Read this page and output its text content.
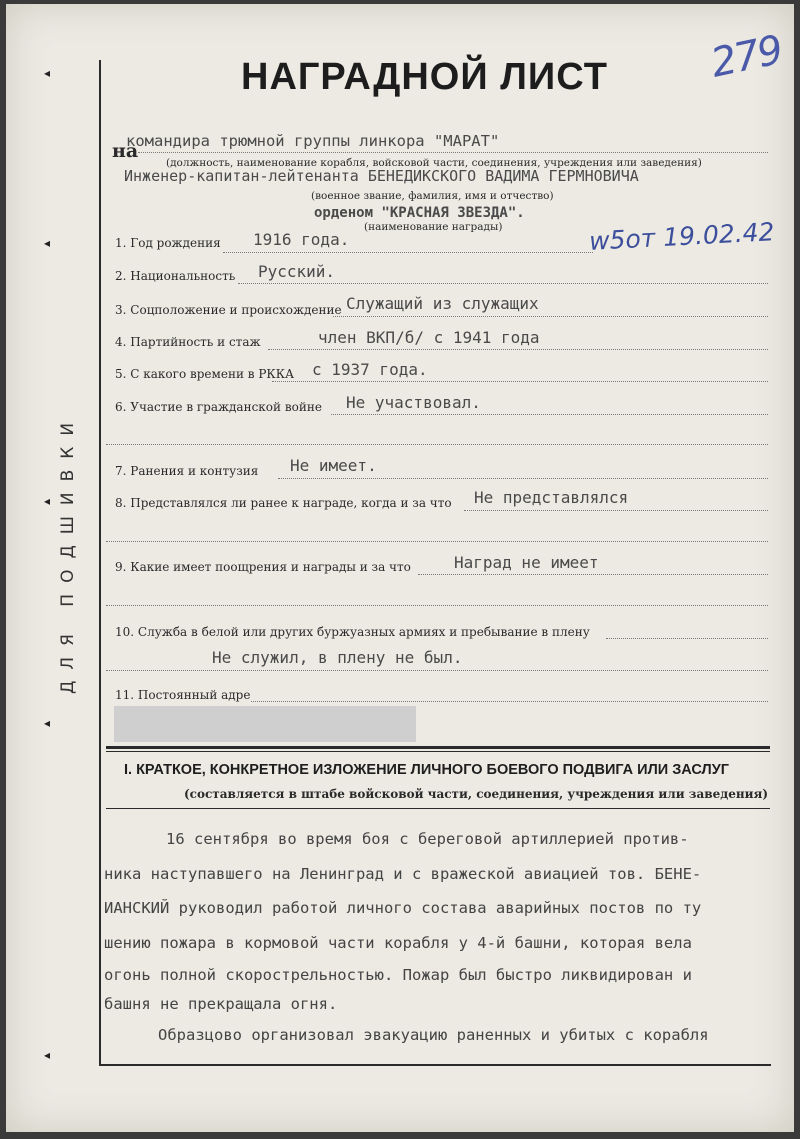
ДЛЯ ПОДШИВКИ
◂
◂
◂
◂
◂
НАГРАДНОЙ ЛИСТ 279
на
командира трюмной группы линкора "МАРАТ"
(должность, наименование корабля, войсковой части, соединения, учреждения или заведения)
Инженер-капитан-лейтенанта БЕНЕДИКСКОГО ВАДИМА ГЕРМНОВИЧА
(военное звание, фамилия, имя и отчество)
орденом "КРАСНАЯ ЗВЕЗДА".
(наименование награды)	w5от 19.02.42
1. Год рождения 1916 года.
2. Национальность Русский.
3. Соцположение и происхождение Служащий из служащих
4. Партийность и стаж	член ВКП/б/ с 1941 года
5. С какого времени в РККА с 1937 года.
6. Участие в гражданской войне Не участвовал.
7. Ранения и контузия Не имеет.
8. Представлялся ли ранее к награде, когда и за что Не представлялся
9. Какие имеет поощрения и награды и за что	Наград не имеет
10. Служба в белой или других буржуазных армиях и пребывание в плену
Не служил, в плену не был.
11. Постоянный адре
I. КРАТКОЕ, КОНКРЕТНОЕ ИЗЛОЖЕНИЕ ЛИЧНОГО БОЕВОГО ПОДВИГА ИЛИ ЗАСЛУГ
(составляется в штабе войсковой части, соединения, учреждения или заведения)
16 сентября во время боя с береговой артиллерией против-
ника наступавшего на Ленинград и с вражеской авиацией тов. БЕНЕ-
ИАНСКИЙ руководил работой личного состава аварийных постов по ту
шению пожара в кормовой части корабля у 4-й башни, которая вела
огонь полной скорострельностью. Пожар был быстро ликвидирован и
башня не прекращала огня.
Образцово организовал эвакуацию раненных и убитых с корабля
